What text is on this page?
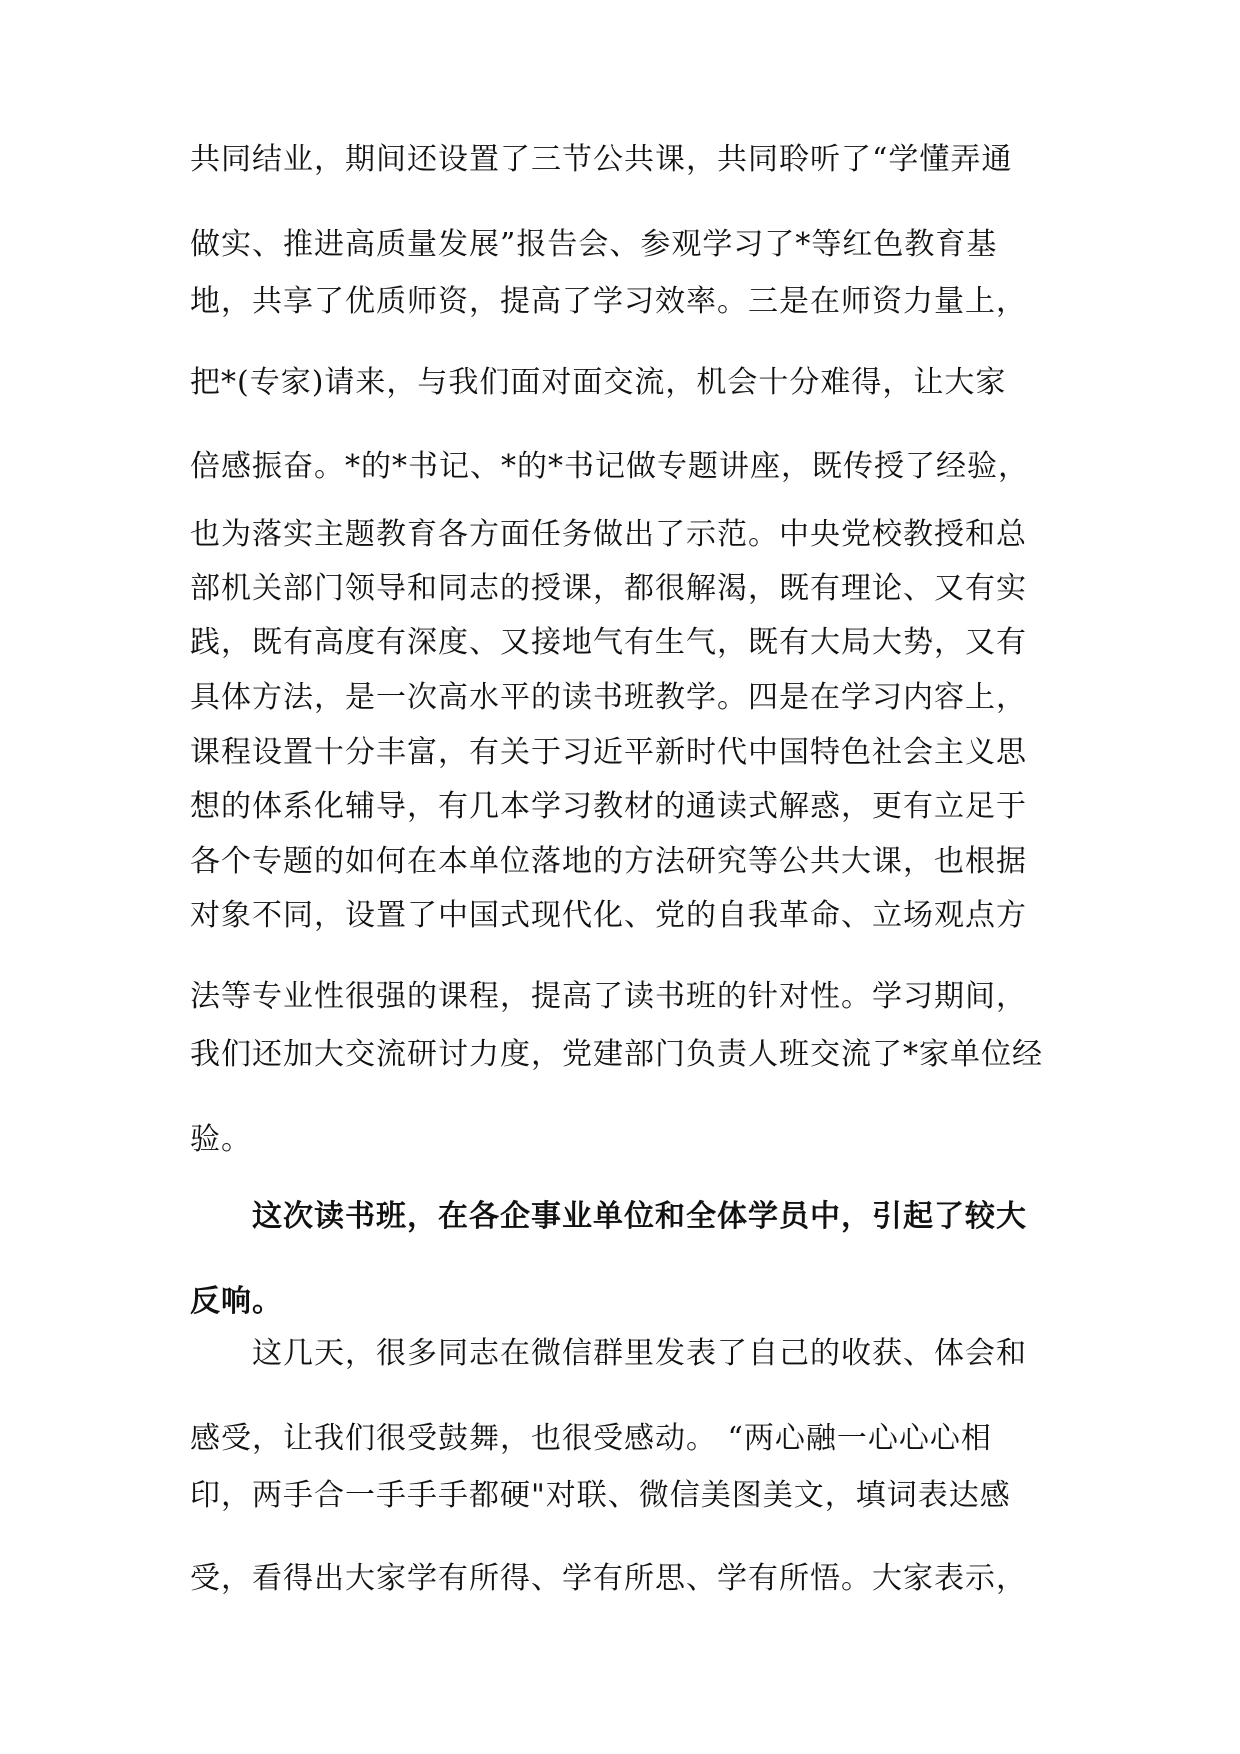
共同结业，期间还设置了三节公共课，共同聆听了“学懂弄通
做实、推进高质量发展”报告会、参观学习了*等红色教育基
地，共享了优质师资，提高了学习效率。三是在师资力量上，
把*(专家)请来，与我们面对面交流，机会十分难得，让大家
倍感振奋。*的*书记、*的*书记做专题讲座，既传授了经验，
也为落实主题教育各方面任务做出了示范。中央党校教授和总
部机关部门领导和同志的授课，都很解渴，既有理论、又有实
践，既有高度有深度、又接地气有生气，既有大局大势，又有
具体方法，是一次高水平的读书班教学。四是在学习内容上，
课程设置十分丰富，有关于习近平新时代中国特色社会主义思
想的体系化辅导，有几本学习教材的通读式解惑，更有立足于
各个专题的如何在本单位落地的方法研究等公共大课，也根据
对象不同，设置了中国式现代化、党的自我革命、立场观点方
法等专业性很强的课程，提高了读书班的针对性。学习期间，
我们还加大交流研讨力度，党建部门负责人班交流了*家单位经
验。
这次读书班，在各企事业单位和全体学员中，引起了较大
反响。
这几天，很多同志在微信群里发表了自己的收获、体会和
感受，让我们很受鼓舞，也很受感动。 “两心融一心心心相
印，两手合一手手手都硬"对联、微信美图美文，填词表达感
受，看得出大家学有所得、学有所思、学有所悟。大家表示，
